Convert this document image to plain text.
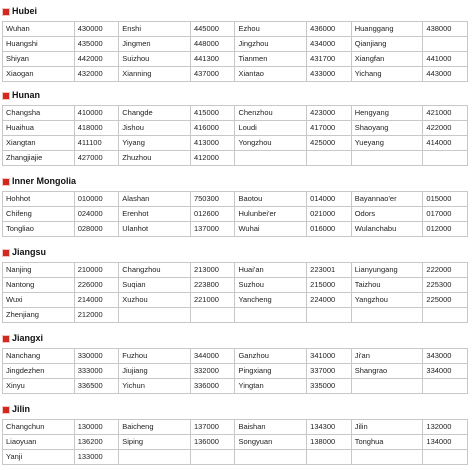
Hubei
Wuhan	430000	Enshi	445000	Ezhou	436000	Huanggang	438000
Huangshi	435000	Jingmen	448000	Jingzhou	434000	Qianjiang	
Shiyan	442000	Suizhou	441300	Tianmen	431700	Xiangfan	441000
Xiaogan	432000	Xianning	437000	Xiantao	433000	Yichang	443000
Hunan
Changsha	410000	Changde	415000	Chenzhou	423000	Hengyang	421000
Huaihua	418000	Jishou	416000	Loudi	417000	Shaoyang	422000
Xiangtan	411100	Yiyang	413000	Yongzhou	425000	Yueyang	414000
Zhangjiajie	427000	Zhuzhou	412000				
Inner Mongolia
Hohhot	010000	Alashan	750300	Baotou	014000	Bayannao'er	015000
Chifeng	024000	Erenhot	012600	Hulunbei'er	021000	Odors	017000
Tongliao	028000	Ulanhot	137000	Wuhai	016000	Wulanchabu	012000
Jiangsu
Nanjing	210000	Changzhou	213000	Huai'an	223001	Lianyungang	222000
Nantong	226000	Suqian	223800	Suzhou	215000	Taizhou	225300
Wuxi	214000	Xuzhou	221000	Yancheng	224000	Yangzhou	225000
Zhenjiang	212000						
Jiangxi
Nanchang	330000	Fuzhou	344000	Ganzhou	341000	Ji'an	343000
Jingdezhen	333000	Jiujiang	332000	Pingxiang	337000	Shangrao	334000
Xinyu	336500	Yichun	336000	Yingtan	335000		
Jilin
Changchun	130000	Baicheng	137000	Baishan	134300	Jilin	132000
Liaoyuan	136200	Siping	136000	Songyuan	138000	Tonghua	134000
Yanji	133000						
